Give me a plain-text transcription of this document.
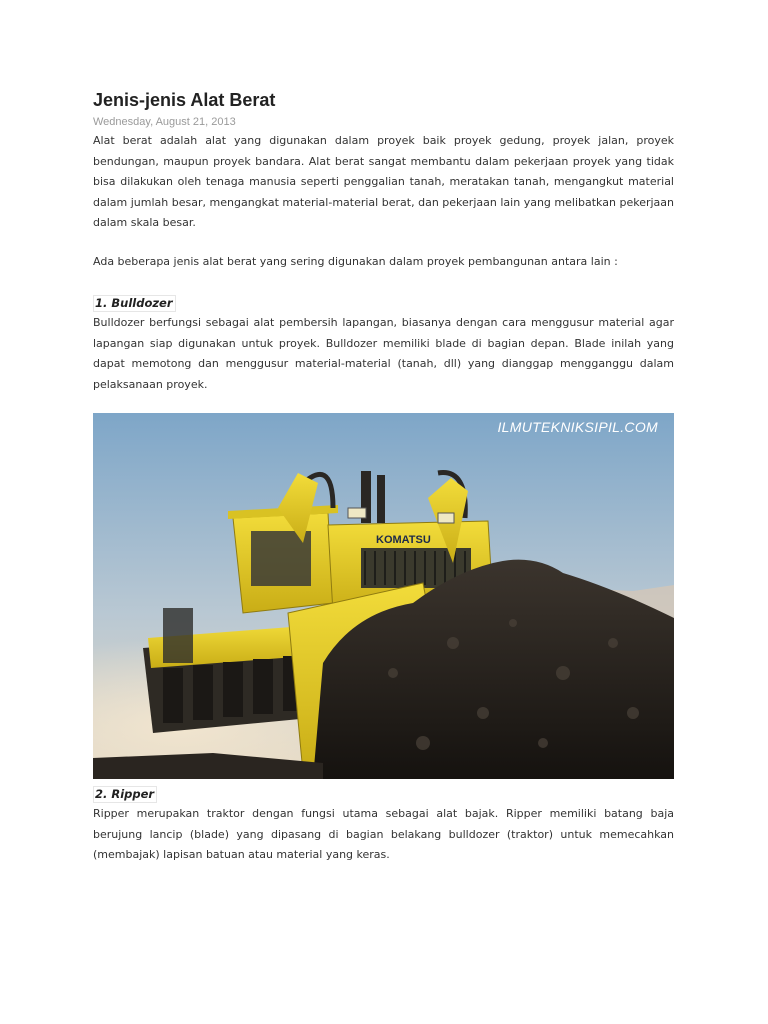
Jenis-jenis Alat Berat
Wednesday, August 21, 2013

Alat berat adalah alat yang digunakan dalam proyek baik proyek gedung, proyek jalan, proyek bendungan, maupun proyek bandara. Alat berat sangat membantu dalam pekerjaan proyek yang tidak bisa dilakukan oleh tenaga manusia seperti penggalian tanah, meratakan tanah, mengangkut material dalam jumlah besar, mengangkat material-material berat, dan pekerjaan lain yang melibatkan pekerjaan dalam skala besar.

Ada beberapa jenis alat berat yang sering digunakan dalam proyek pembangunan antara lain :

1. Bulldozer

Bulldozer berfungsi sebagai alat pembersih lapangan, biasanya dengan cara menggusur material agar lapangan siap digunakan untuk proyek. Bulldozer memiliki blade di bagian depan. Blade inilah yang dapat memotong dan menggusur material-material (tanah, dll) yang dianggap mengganggu dalam pelaksanaan proyek.

KOMATSU
ILMUTEKNIKSIPIL.COM
2. Ripper

Ripper merupakan traktor dengan fungsi utama sebagai alat bajak. Ripper memiliki batang baja berujung lancip (blade) yang dipasang di bagian belakang bulldozer (traktor) untuk memecahkan (membajak) lapisan batuan atau material yang keras.
